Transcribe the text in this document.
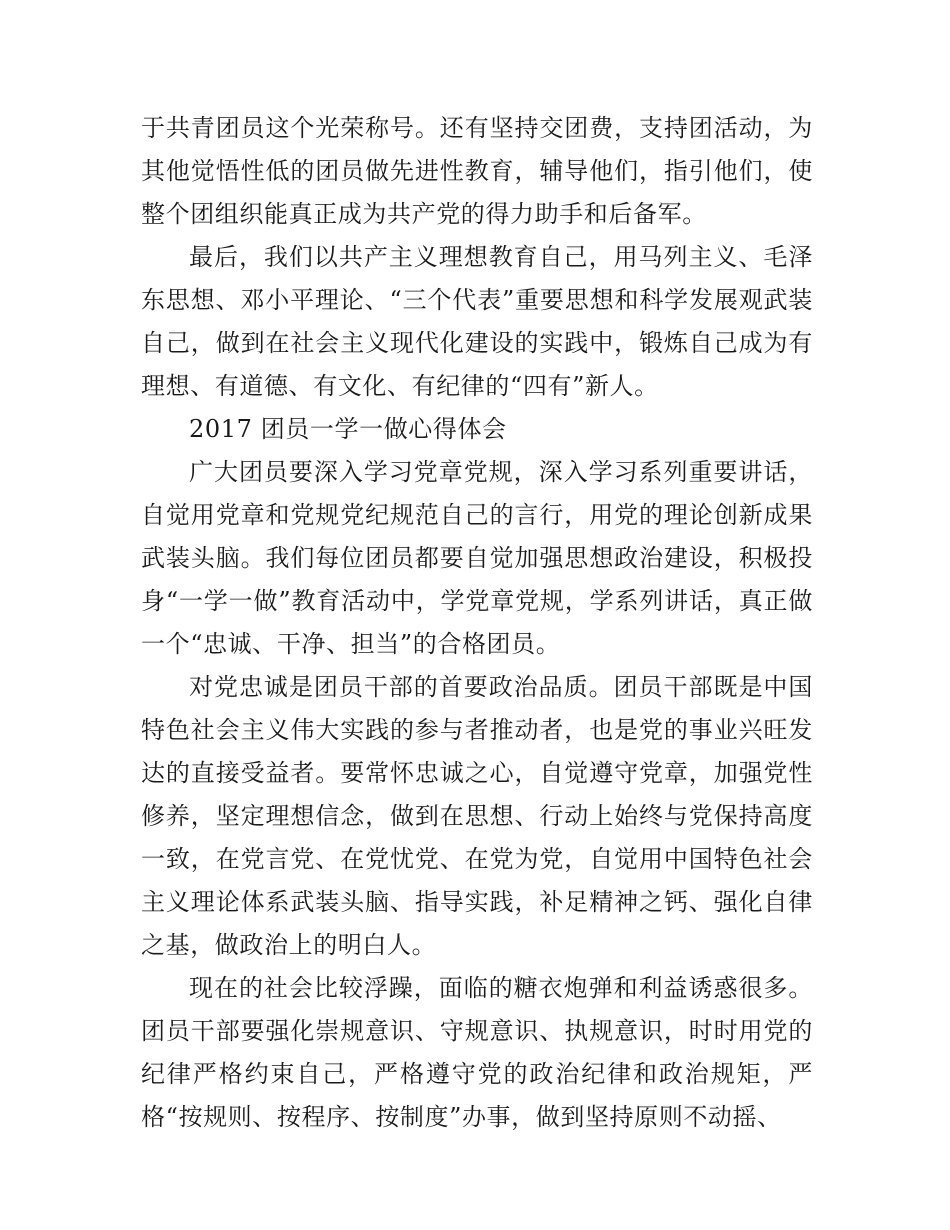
于共青团员这个光荣称号。还有坚持交团费，支持团活动，为其他觉悟性低的团员做先进性教育，辅导他们，指引他们，使整个团组织能真正成为共产党的得力助手和后备军。

最后，我们以共产主义理想教育自己，用马列主义、毛泽东思想、邓小平理论、“三个代表”重要思想和科学发展观武装自己，做到在社会主义现代化建设的实践中，锻炼自己成为有理想、有道德、有文化、有纪律的“四有”新人。

2017 团员一学一做心得体会

广大团员要深入学习党章党规，深入学习系列重要讲话，自觉用党章和党规党纪规范自己的言行，用党的理论创新成果武装头脑。我们每位团员都要自觉加强思想政治建设，积极投身“一学一做”教育活动中，学党章党规，学系列讲话，真正做一个“忠诚、干净、担当”的合格团员。

对党忠诚是团员干部的首要政治品质。团员干部既是中国特色社会主义伟大实践的参与者推动者，也是党的事业兴旺发达的直接受益者。要常怀忠诚之心，自觉遵守党章，加强党性修养，坚定理想信念，做到在思想、行动上始终与党保持高度一致，在党言党、在党忧党、在党为党，自觉用中国特色社会主义理论体系武装头脑、指导实践，补足精神之钙、强化自律之基，做政治上的明白人。

现在的社会比较浮躁，面临的糖衣炮弹和利益诱惑很多。团员干部要强化崇规意识、守规意识、执规意识，时时用党的纪律严格约束自己，严格遵守党的政治纪律和政治规矩，严格“按规则、按程序、按制度”办事，做到坚持原则不动摇、
